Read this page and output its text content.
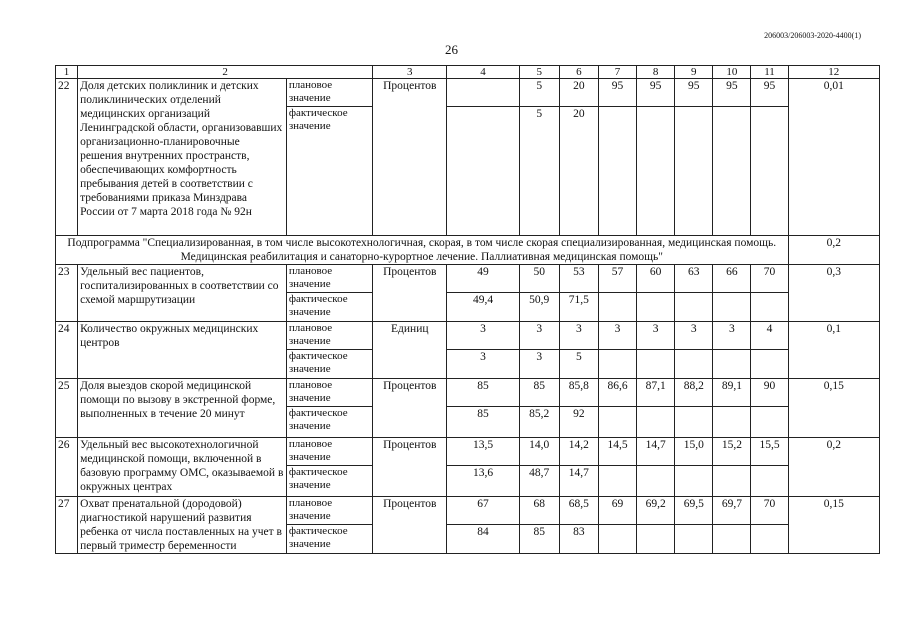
206003/206003-2020-4400(1)
26
1	2		3	4	5	6	7	8	9	10	11	12
22	Доля детских поликлиник и детских поликлинических отделений медицинских организаций Ленинградской области, организовавших организационно-планировочные решения внутренних пространств, обеспечивающих комфортность пребывания детей в соответствии с требованиями приказа Минздрава России от 7 марта 2018 года № 92н	плановое значение	Процентов		5	20	95	95	95	95	95	0,01
		фактическое значение			5	20						
Подпрограмма "Специализированная, в том числе высокотехнологичная, скорая, в том числе скорая специализированная, медицинская помощь. Медицинская реабилитация и санаторно-курортное лечение. Паллиативная медицинская помощь"												0,2
23	Удельный вес пациентов, госпитализированных в соответствии со схемой маршрутизации	плановое значение	Процентов	49	50	53	57	60	63	66	70	0,3
		фактическое значение		49,4	50,9	71,5						
24	Количество окружных медицинских центров	плановое значение	Единиц	3	3	3	3	3	3	3	4	0,1
		фактическое значение		3	3	5						
25	Доля выездов скорой медицинской помощи по вызову в экстренной форме, выполненных в течение 20 минут	плановое значение	Процентов	85	85	85,8	86,6	87,1	88,2	89,1	90	0,15
		фактическое значение		85	85,2	92						
26	Удельный вес высокотехнологичной медицинской помощи, включенной в базовую программу ОМС, оказываемой в окружных центрах	плановое значение	Процентов	13,5	14,0	14,2	14,5	14,7	15,0	15,2	15,5	0,2
		фактическое значение		13,6	48,7	14,7						
27	Охват пренатальной (дородовой) диагностикой нарушений развития ребенка от числа поставленных на учет в первый триместр беременности	плановое значение	Процентов	67	68	68,5	69	69,2	69,5	69,7	70	0,15
		фактическое значение		84	85	83						
